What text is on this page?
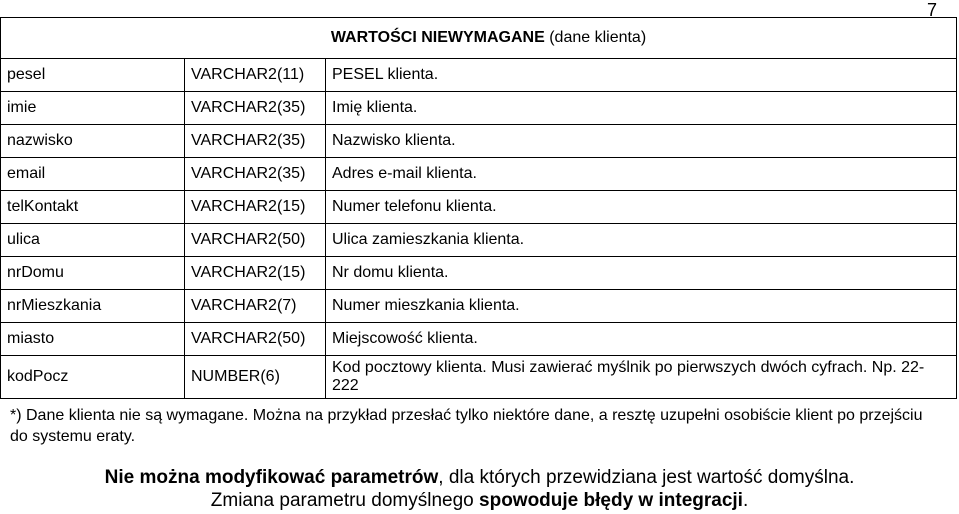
7
WARTOŚCI NIEWYMAGANE (dane klienta)		
pesel	VARCHAR2(11)	PESEL klienta.
imie	VARCHAR2(35)	Imię klienta.
nazwisko	VARCHAR2(35)	Nazwisko klienta.
email	VARCHAR2(35)	Adres e-mail klienta.
telKontakt	VARCHAR2(15)	Numer telefonu klienta.
ulica	VARCHAR2(50)	Ulica zamieszkania klienta.
nrDomu	VARCHAR2(15)	Nr domu klienta.
nrMieszkania	VARCHAR2(7)	Numer mieszkania klienta.
miasto	VARCHAR2(50)	Miejscowość klienta.
kodPocz	NUMBER(6)	Kod pocztowy klienta. Musi zawierać myślnik po pierwszych dwóch cyfrach. Np. 22-222
*) Dane klienta nie są wymagane. Można na przykład przesłać tylko niektóre dane, a resztę uzupełni osobiście klient po przejściu do systemu eraty.
Nie można modyfikować parametrów, dla których przewidziana jest wartość domyślna.
Zmiana parametru domyślnego spowoduje błędy w integracji.
